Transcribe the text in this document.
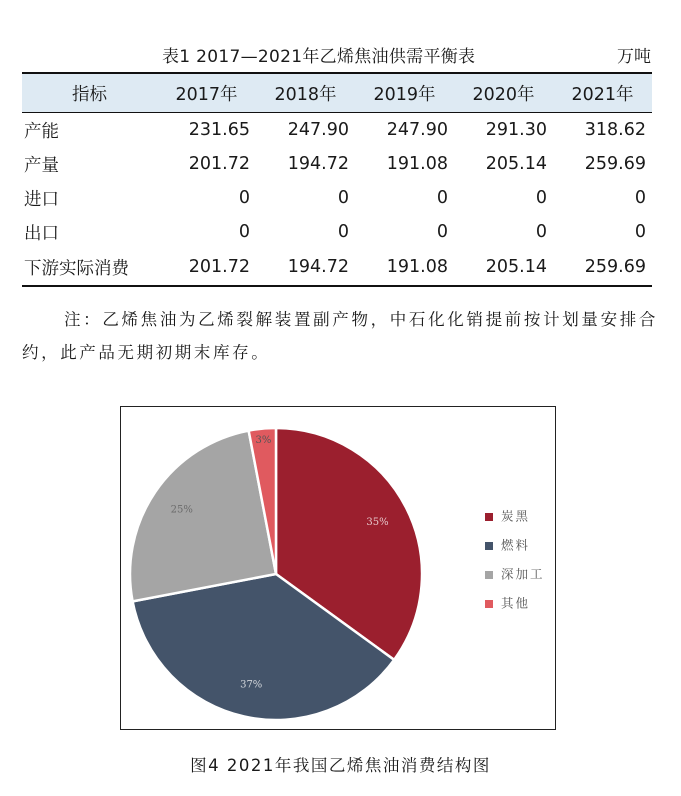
表1 2017—2021年乙烯焦油供需平衡表	万吨
指标	2017年	2018年	2019年	2020年	2021年
产能	231.65	247.90	247.90	291.30	318.62
产量	201.72	194.72	191.08	205.14	259.69
进口	0	0	0	0	0
出口	0	0	0	0	0
下游实际消费	201.72	194.72	191.08	205.14	259.69
注：乙烯焦油为乙烯裂解装置副产物，中石化化销提前按计划量安排合约，此产品无期初期末库存。
35%
37%
25%
3%
炭黑
燃料
深加工
其他
图4 2021年我国乙烯焦油消费结构图
